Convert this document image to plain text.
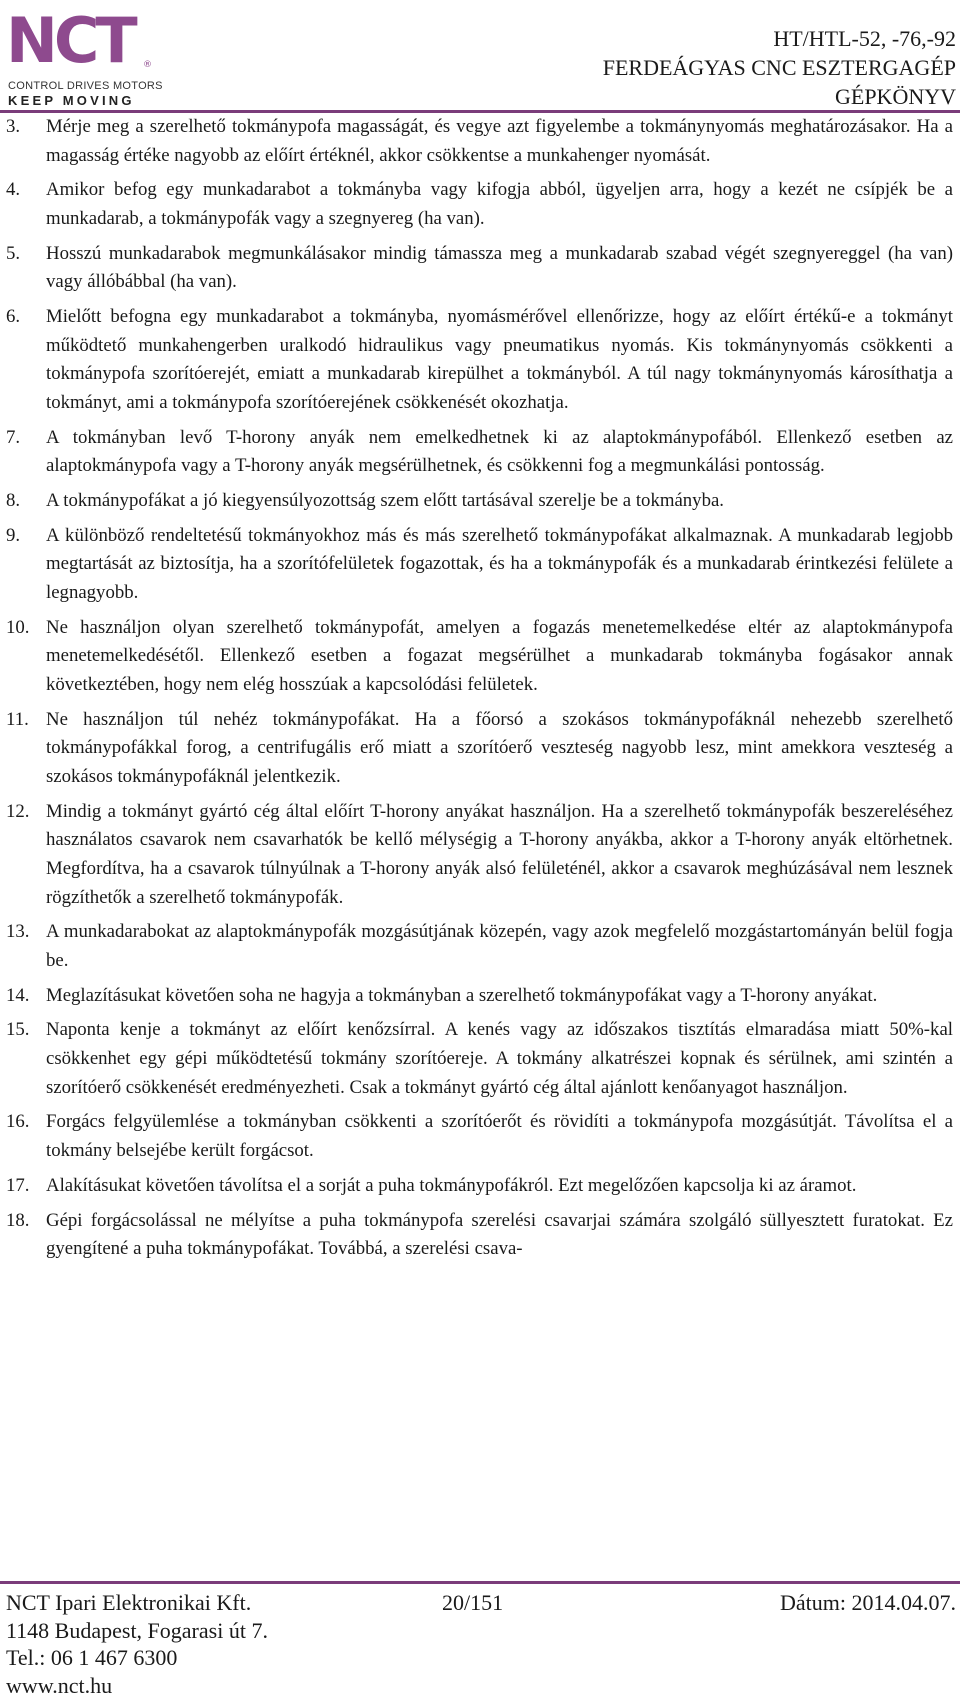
NCT ®
CONTROL DRIVES MOTORS
KEEP MOVING
HT/HTL-52, -76,-92
FERDEÁGYAS CNC ESZTERGAGÉP
GÉPKÖNYV
3. Mérje meg a szerelhető tokmánypofa magasságát, és vegye azt figyelembe a tokmánynyomás meghatározásakor. Ha a magasság értéke nagyobb az előírt értéknél, akkor csökkentse a munkahenger nyomását.
4. Amikor befog egy munkadarabot a tokmányba vagy kifogja abból, ügyeljen arra, hogy a kezét ne csípjék be a munkadarab, a tokmánypofák vagy a szegnyereg (ha van).
5. Hosszú munkadarabok megmunkálásakor mindig támassza meg a munkadarab szabad végét szegnyereggel (ha van) vagy állóbábbal (ha van).
6. Mielőtt befogna egy munkadarabot a tokmányba, nyomásmérővel ellenőrizze, hogy az előírt értékű-e a tokmányt működtető munkahengerben uralkodó hidraulikus vagy pneumatikus nyomás. Kis tokmánynyomás csökkenti a tokmánypofa szorítóerejét, emiatt a munkadarab kirepülhet a tokmányból. A túl nagy tokmánynyomás károsíthatja a tokmányt, ami a tokmánypofa szorítóerejének csökkenését okozhatja.
7. A tokmányban levő T-horony anyák nem emelkedhetnek ki az alaptokmánypofából. Ellenkező esetben az alaptokmánypofa vagy a T-horony anyák megsérülhetnek, és csökkenni fog a megmunkálási pontosság.
8. A tokmánypofákat a jó kiegyensúlyozottság szem előtt tartásával szerelje be a tokmányba.
9. A különböző rendeltetésű tokmányokhoz más és más szerelhető tokmánypofákat alkalmaznak. A munkadarab legjobb megtartását az biztosítja, ha a szorítófelületek fogazottak, és ha a tokmánypofák és a munkadarab érintkezési felülete a legnagyobb.
10. Ne használjon olyan szerelhető tokmánypofát, amelyen a fogazás menetemelkedése eltér az alaptokmánypofa menetemelkedésétől. Ellenkező esetben a fogazat megsérülhet a munkadarab tokmányba fogásakor annak következtében, hogy nem elég hosszúak a kapcsolódási felületek.
11. Ne használjon túl nehéz tokmánypofákat. Ha a főorsó a szokásos tokmánypofáknál nehezebb szerelhető tokmánypofákkal forog, a centrifugális erő miatt a szorítóerő veszteség nagyobb lesz, mint amekkora veszteség a szokásos tokmánypofáknál jelentkezik.
12. Mindig a tokmányt gyártó cég által előírt T-horony anyákat használjon. Ha a szerelhető tokmánypofák beszereléséhez használatos csavarok nem csavarhatók be kellő mélységig a T-horony anyákba, akkor a T-horony anyák eltörhetnek. Megfordítva, ha a csavarok túlnyúlnak a T-horony anyák alsó felületénél, akkor a csavarok meghúzásával nem lesznek rögzíthetők a szerelhető tokmánypofák.
13. A munkadarabokat az alaptokmánypofák mozgásútjának közepén, vagy azok megfelelő mozgástartományán belül fogja be.
14. Meglazításukat követően soha ne hagyja a tokmányban a szerelhető tokmánypofákat vagy a T-horony anyákat.
15. Naponta kenje a tokmányt az előírt kenőzsírral. A kenés vagy az időszakos tisztítás elmaradása miatt 50%-kal csökkenhet egy gépi működtetésű tokmány szorítóereje. A tokmány alkatrészei kopnak és sérülnek, ami szintén a szorítóerő csökkenését eredményezheti. Csak a tokmányt gyártó cég által ajánlott kenőanyagot használjon.
16. Forgács felgyülemlése a tokmányban csökkenti a szorítóerőt és rövidíti a tokmánypofa mozgásútját. Távolítsa el a tokmány belsejébe került forgácsot.
17. Alakításukat követően távolítsa el a sorját a puha tokmánypofákról. Ezt megelőzően kapcsolja ki az áramot.
18. Gépi forgácsolással ne mélyítse a puha tokmánypofa szerelési csavarjai számára szolgáló süllyesztett furatokat. Ez gyengítené a puha tokmánypofákat. Továbbá, a szerelési csava-
NCT Ipari Elektronikai Kft.	20/151	Dátum: 2014.04.07.
1148 Budapest, Fogarasi út 7.
Tel.: 06 1 467 6300
www.nct.hu
